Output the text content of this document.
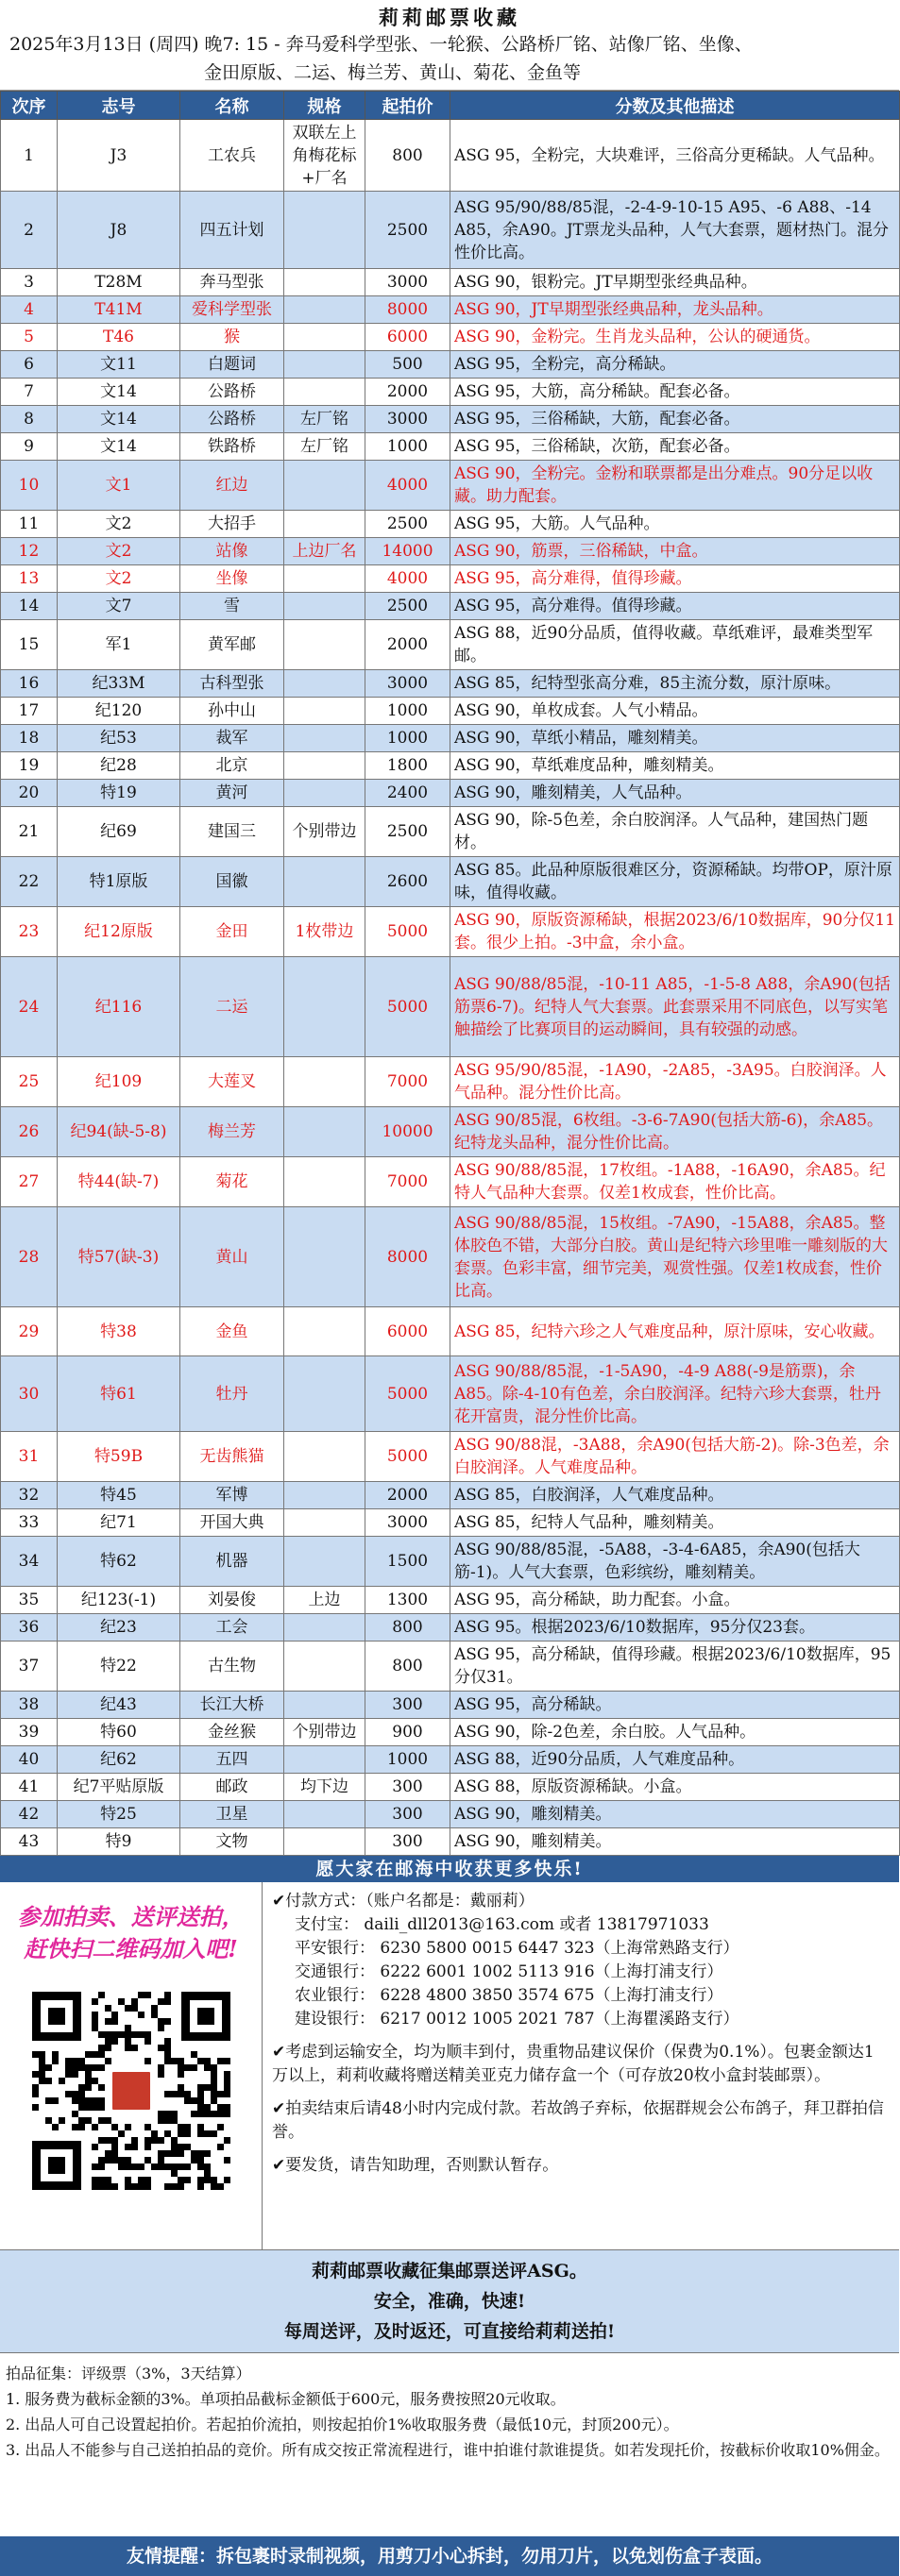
莉莉邮票收藏
2025年3月13日 (周四) 晚7: 15 - 奔马爱科学型张、一轮猴、公路桥厂铭、站像厂铭、坐像、
金田原版、二运、梅兰芳、黄山、菊花、金鱼等
次序	志号	名称	规格	起拍价	分数及其他描述
1	J3	工农兵	双联左上角梅花标+厂名	800	ASG 95，全粉完，大块难评，三俗高分更稀缺。人气品种。
2	J8	四五计划		2500	ASG 95/90/88/85混，-2-4-9-10-15 A95、-6 A88、-14 A85，余A90。JT票龙头品种，人气大套票，题材热门。混分性价比高。
3	T28M	奔马型张		3000	ASG 90，银粉完。JT早期型张经典品种。
4	T41M	爱科学型张		8000	ASG 90，JT早期型张经典品种，龙头品种。
5	T46	猴		6000	ASG 90，金粉完。生肖龙头品种，公认的硬通货。
6	文11	白题词		500	ASG 95，全粉完，高分稀缺。
7	文14	公路桥		2000	ASG 95，大筋，高分稀缺。配套必备。
8	文14	公路桥	左厂铭	3000	ASG 95，三俗稀缺，大筋，配套必备。
9	文14	铁路桥	左厂铭	1000	ASG 95，三俗稀缺，次筋，配套必备。
10	文1	红边		4000	ASG 90，全粉完。金粉和联票都是出分难点。90分足以收藏。助力配套。
11	文2	大招手		2500	ASG 95，大筋。人气品种。
12	文2	站像	上边厂名	14000	ASG 90，筋票，三俗稀缺，中盒。
13	文2	坐像		4000	ASG 95，高分难得，值得珍藏。
14	文7	雪		2500	ASG 95，高分难得。值得珍藏。
15	军1	黄军邮		2000	ASG 88，近90分品质，值得收藏。草纸难评，最难类型军邮。
16	纪33M	古科型张		3000	ASG 85，纪特型张高分难，85主流分数，原汁原味。
17	纪120	孙中山		1000	ASG 90，单枚成套。人气小精品。
18	纪53	裁军		1000	ASG 90，草纸小精品，雕刻精美。
19	纪28	北京		1800	ASG 90，草纸难度品种，雕刻精美。
20	特19	黄河		2400	ASG 90，雕刻精美，人气品种。
21	纪69	建国三	个别带边	2500	ASG 90，除-5色差，余白胶润泽。人气品种，建国热门题材。
22	特1原版	国徽		2600	ASG 85。此品种原版很难区分，资源稀缺。均带OP，原汁原味，值得收藏。
23	纪12原版	金田	1枚带边	5000	ASG 90，原版资源稀缺，根据2023/6/10数据库，90分仅11套。很少上拍。-3中盒，余小盒。
24	纪116	二运		5000	ASG 90/88/85混，-10-11 A85，-1-5-8 A88，余A90(包括筋票6-7)。纪特人气大套票。此套票采用不同底色，以写实笔触描绘了比赛项目的运动瞬间，具有较强的动感。
25	纪109	大莲叉		7000	ASG 95/90/85混，-1A90，-2A85，-3A95。白胶润泽。人气品种。混分性价比高。
26	纪94(缺-5-8)	梅兰芳		10000	ASG 90/85混，6枚组。-3-6-7A90(包括大筋-6)，余A85。纪特龙头品种，混分性价比高。
27	特44(缺-7)	菊花		7000	ASG 90/88/85混，17枚组。-1A88，-16A90，余A85。纪特人气品种大套票。仅差1枚成套，性价比高。
28	特57(缺-3)	黄山		8000	ASG 90/88/85混，15枚组。-7A90，-15A88，余A85。整体胶色不错，大部分白胶。黄山是纪特六珍里唯一雕刻版的大套票。色彩丰富，细节完美，观赏性强。仅差1枚成套，性价比高。
29	特38	金鱼		6000	ASG 85，纪特六珍之人气难度品种，原汁原味，安心收藏。
30	特61	牡丹		5000	ASG 90/88/85混，-1-5A90，-4-9 A88(-9是筋票)，余A85。除-4-10有色差，余白胶润泽。纪特六珍大套票，牡丹花开富贵，混分性价比高。
31	特59B	无齿熊猫		5000	ASG 90/88混，-3A88，余A90(包括大筋-2)。除-3色差，余白胶润泽。人气难度品种。
32	特45	军博		2000	ASG 85，白胶润泽，人气难度品种。
33	纪71	开国大典		3000	ASG 85，纪特人气品种，雕刻精美。
34	特62	机器		1500	ASG 90/88/85混，-5A88，-3-4-6A85，余A90(包括大筋-1)。人气大套票，色彩缤纷，雕刻精美。
35	纪123(-1)	刘晏俊	上边	1300	ASG 95，高分稀缺，助力配套。小盒。
36	纪23	工会		800	ASG 95。根据2023/6/10数据库，95分仅23套。
37	特22	古生物		800	ASG 95，高分稀缺，值得珍藏。根据2023/6/10数据库，95分仅31。
38	纪43	长江大桥		300	ASG 95，高分稀缺。
39	特60	金丝猴	个别带边	900	ASG 90，除-2色差，余白胶。人气品种。
40	纪62	五四		1000	ASG 88，近90分品质，人气难度品种。
41	纪7平贴原版	邮政	均下边	300	ASG 88，原版资源稀缺。小盒。
42	特25	卫星		300	ASG 90，雕刻精美。
43	特9	文物		300	ASG 90，雕刻精美。
愿大家在邮海中收获更多快乐!
参加拍卖、送评送拍，
赶快扫二维码加入吧!
✔付款方式：（账户名都是：戴丽莉）
支付宝： daili_dll2013@163.com 或者 13817971033
平安银行： 6230 5800 0015 6447 323（上海常熟路支行）
交通银行： 6222 6001 1002 5113 916（上海打浦支行）
农业银行： 6228 4800 3850 3574 675（上海打浦支行）
建设银行： 6217 0012 1005 2021 787（上海瞿溪路支行）
✔考虑到运输安全，均为顺丰到付，贵重物品建议保价（保费为0.1%）。包裹金额达1万以上，莉莉收藏将赠送精美亚克力储存盒一个（可存放20枚小盒封装邮票）。
✔拍卖结束后请48小时内完成付款。若故鸽子弃标，依据群规会公布鸽子，拜卫群拍信誉。
✔要发货，请告知助理，否则默认暂存。
莉莉邮票收藏征集邮票送评ASG。
安全，准确，快速!
每周送评，及时返还，可直接给莉莉送拍!
拍品征集：评级票（3%，3天结算）
1. 服务费为截标金额的3%。单项拍品截标金额低于600元，服务费按照20元收取。
2. 出品人可自己设置起拍价。若起拍价流拍，则按起拍价1%收取服务费（最低10元，封顶200元）。
3. 出品人不能参与自己送拍拍品的竞价。所有成交按正常流程进行，谁中拍谁付款谁提货。如若发现托价，按截标价收取10%佣金。
友情提醒：拆包裹时录制视频，用剪刀小心拆封，勿用刀片，以免划伤盒子表面。
